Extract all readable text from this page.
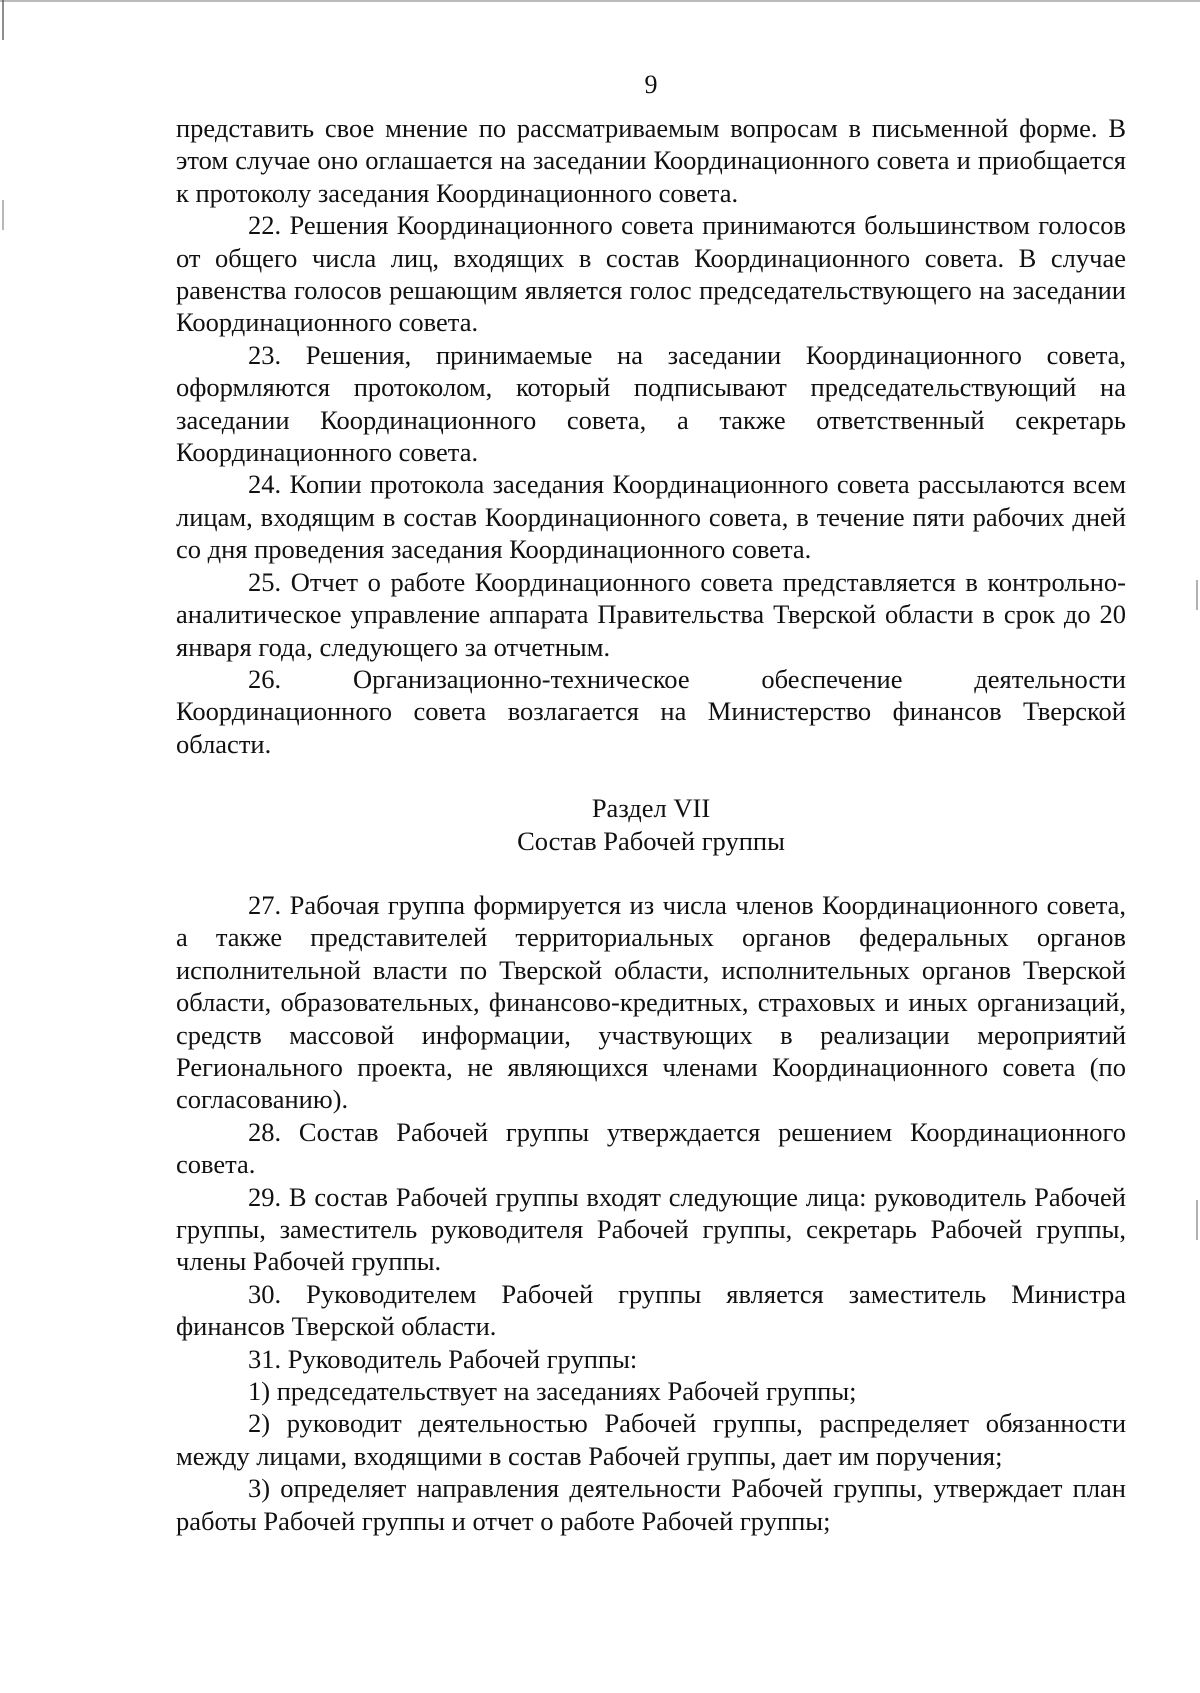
9

представить свое мнение по рассматриваемым вопросам в письменной форме. В этом случае оно оглашается на заседании Координационного совета и приобщается к протоколу заседания Координационного совета.

22. Решения Координационного совета принимаются большинством голосов от общего числа лиц, входящих в состав Координационного совета. В случае равенства голосов решающим является голос председательствующего на заседании Координационного совета.

23. Решения, принимаемые на заседании Координационного совета, оформляются протоколом, который подписывают председательствующий на заседании Координационного совета, а также ответственный секретарь Координационного совета.

24. Копии протокола заседания Координационного совета рассылаются всем лицам, входящим в состав Координационного совета, в течение пяти рабочих дней со дня проведения заседания Координационного совета.

25. Отчет о работе Координационного совета представляется в контрольно-аналитическое управление аппарата Правительства Тверской области в срок до 20 января года, следующего за отчетным.

26. Организационно-техническое обеспечение деятельности Координационного совета возлагается на Министерство финансов Тверской области.

Раздел VII

Состав Рабочей группы

27. Рабочая группа формируется из числа членов Координационного совета, а также представителей территориальных органов федеральных органов исполнительной власти по Тверской области, исполнительных органов Тверской области, образовательных, финансово-кредитных, страховых и иных организаций, средств массовой информации, участвующих в реализации мероприятий Регионального проекта, не являющихся членами Координационного совета (по согласованию).

28. Состав Рабочей группы утверждается решением Координационного совета.

29. В состав Рабочей группы входят следующие лица: руководитель Рабочей группы, заместитель руководителя Рабочей группы, секретарь Рабочей группы, члены Рабочей группы.

30. Руководителем Рабочей группы является заместитель Министра финансов Тверской области.

31. Руководитель Рабочей группы:

1) председательствует на заседаниях Рабочей группы;

2) руководит деятельностью Рабочей группы, распределяет обязанности между лицами, входящими в состав Рабочей группы, дает им поручения;

3) определяет направления деятельности Рабочей группы, утверждает план работы Рабочей группы и отчет о работе Рабочей группы;
